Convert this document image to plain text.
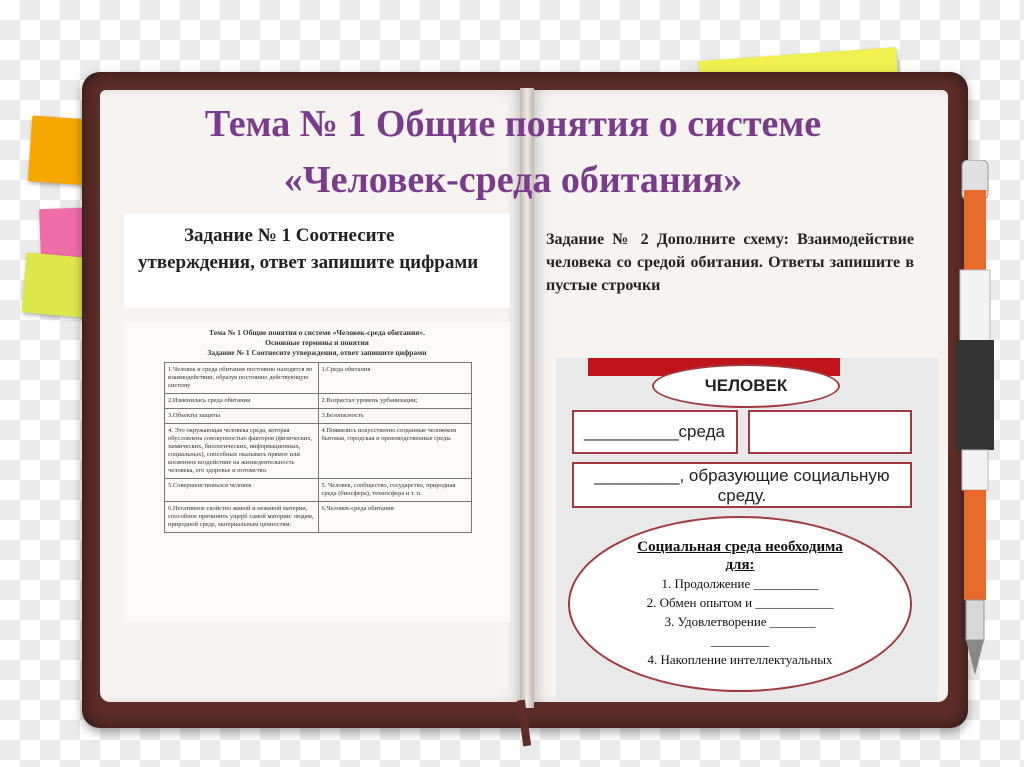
Тема № 1 Общие понятия о системе
«Человек-среда обитания»
Задание № 1 Соотнесите утверждения, ответ запишите цифрами
Задание № 2 Дополните схему: Взаимодействие человека со средой обитания. Ответы запишите в пустые строчки
Тема № 1 Общие понятия о системе «Человек-среда обитания». Основные термины и понятия
Задание № 1 Соотнесите утверждения, ответ запишите цифрами
1.Человек и среда обитания постоянно находятся во взаимодействии, образуя постоянно действующую систему	1.Среда обитания
2.Изменилась среда обитания	2.Возрастал уровень урбанизации;
3.Объекты защиты	3.Безопасность
4. Это окружающая человека среда, которая обусловлена совокупностью факторов (физических, химических, биологических, информационных, социальных), способных оказывать прямое или косвенное воздействие на жизнедеятельность человека, его здоровье и потомство.	4.Появились искусственно созданные человеком бытовая, городская и производственные среды
5.Совершенствовался человек	5. Человек, сообщество, государство, природная среда (биосфера), техносфера и т. п.
6.Негативное свойство живой и неживой материи, способное причинить ущерб самой материи: людям, природной среде, материальным ценностям.	6.Человек-среда обитания
ЧЕЛОВЕК
__________среда
_________, образующие социальную среду.
Социальная среда необходима
для:
1. Продолжение __________
2. Обмен опытом и ____________
3. Удовлетворение _______
_________
4. Накопление интеллектуальных
